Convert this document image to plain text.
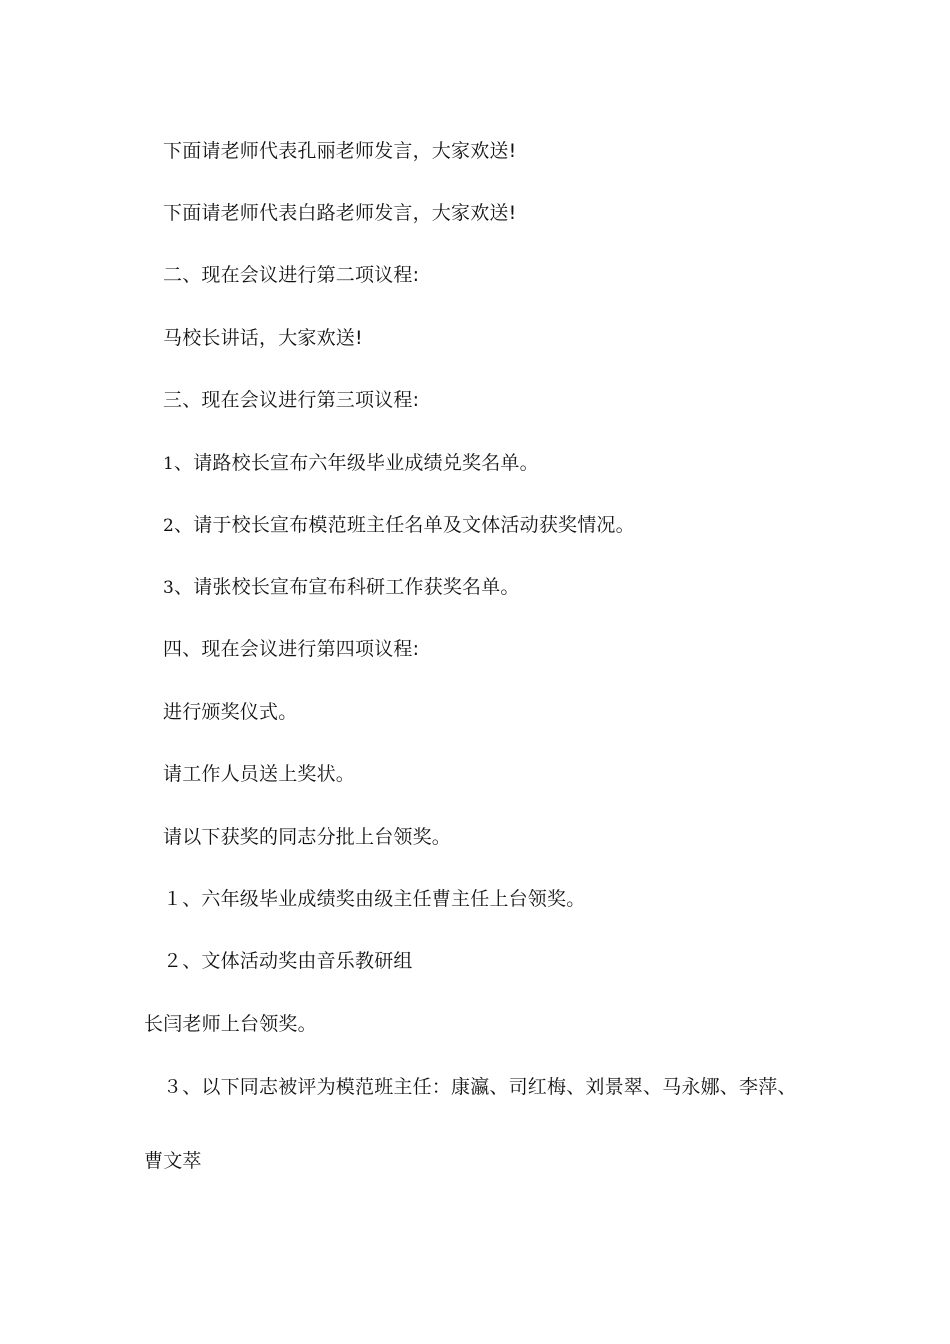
下面请老师代表孔丽老师发言，大家欢送!
下面请老师代表白路老师发言，大家欢送!
二、现在会议进行第二项议程:
马校长讲话，大家欢送!
三、现在会议进行第三项议程:
1、请路校长宣布六年级毕业成绩兑奖名单。
2、请于校长宣布模范班主任名单及文体活动获奖情况。
3、请张校长宣布宣布科研工作获奖名单。
四、现在会议进行第四项议程:
进行颁奖仪式。
请工作人员送上奖状。
请以下获奖的同志分批上台领奖。
１、六年级毕业成绩奖由级主任曹主任上台领奖。
２、文体活动奖由音乐教研组
长闫老师上台领奖。
３、以下同志被评为模范班主任：康瀛、司红梅、刘景翠、马永娜、李萍、
曹文萃
